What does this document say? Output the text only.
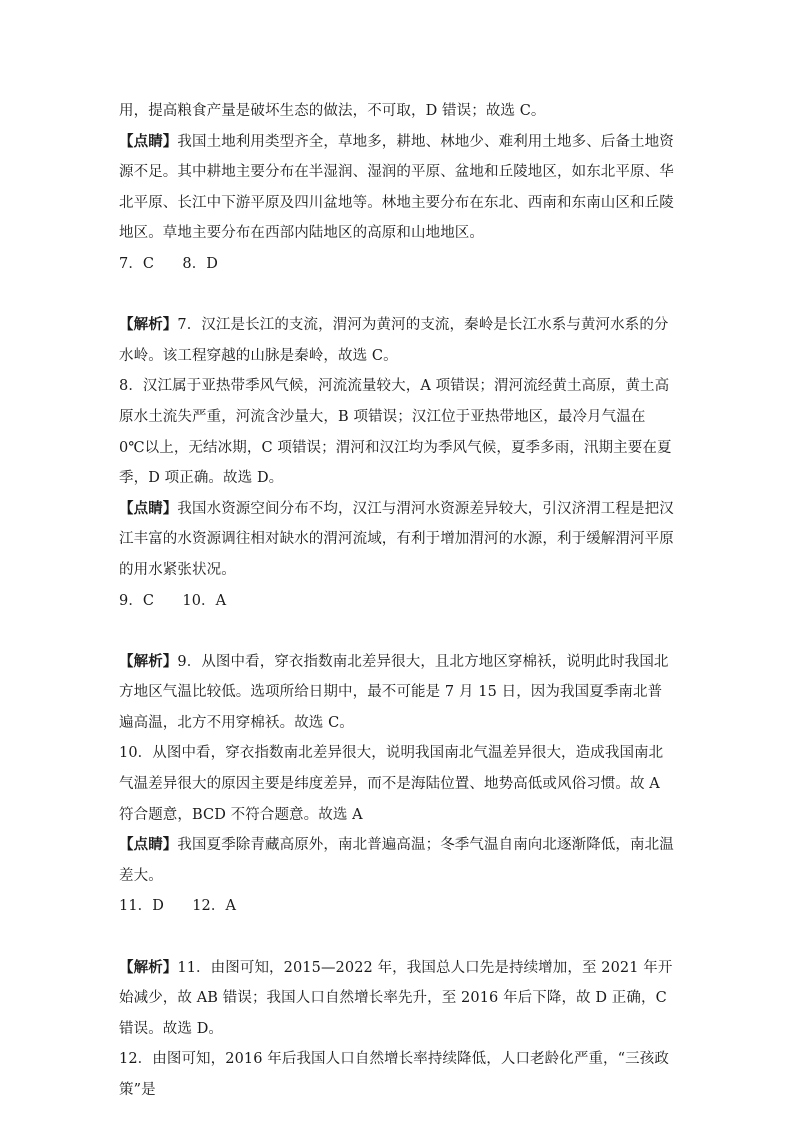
用，提高粮食产量是破坏生态的做法，不可取，D 错误；故选 C。

【点睛】我国土地利用类型齐全，草地多，耕地、林地少、难利用土地多、后备土地资源不足。其中耕地主要分布在半湿润、湿润的平原、盆地和丘陵地区，如东北平原、华北平原、长江中下游平原及四川盆地等。林地主要分布在东北、西南和东南山区和丘陵地区。草地主要分布在西部内陆地区的高原和山地地区。

7．C      8．D

【解析】7．汉江是长江的支流，渭河为黄河的支流，秦岭是长江水系与黄河水系的分水岭。该工程穿越的山脉是秦岭，故选 C。

8．汉江属于亚热带季风气候，河流流量较大，A 项错误；渭河流经黄土高原，黄土高原水土流失严重，河流含沙量大，B 项错误；汉江位于亚热带地区，最冷月气温在 0℃以上，无结冰期，C 项错误；渭河和汉江均为季风气候，夏季多雨，汛期主要在夏季，D 项正确。故选 D。

【点睛】我国水资源空间分布不均，汉江与渭河水资源差异较大，引汉济渭工程是把汉江丰富的水资源调往相对缺水的渭河流域，有利于增加渭河的水源，利于缓解渭河平原的用水紧张状况。

9．C      10．A

【解析】9．从图中看，穿衣指数南北差异很大，且北方地区穿棉袄，说明此时我国北方地区气温比较低。选项所给日期中，最不可能是 7 月 15 日，因为我国夏季南北普遍高温，北方不用穿棉袄。故选 C。

10．从图中看，穿衣指数南北差异很大，说明我国南北气温差异很大，造成我国南北气温差异很大的原因主要是纬度差异，而不是海陆位置、地势高低或风俗习惯。故 A 符合题意，BCD 不符合题意。故选 A

【点睛】我国夏季除青藏高原外，南北普遍高温；冬季气温自南向北逐渐降低，南北温差大。

11．D      12．A

【解析】11．由图可知，2015—2022 年，我国总人口先是持续增加，至 2021 年开始减少，故 AB 错误；我国人口自然增长率先升，至 2016 年后下降，故 D 正确，C 错误。故选 D。

12．由图可知，2016 年后我国人口自然增长率持续降低，人口老龄化严重，“三孩政策”是
